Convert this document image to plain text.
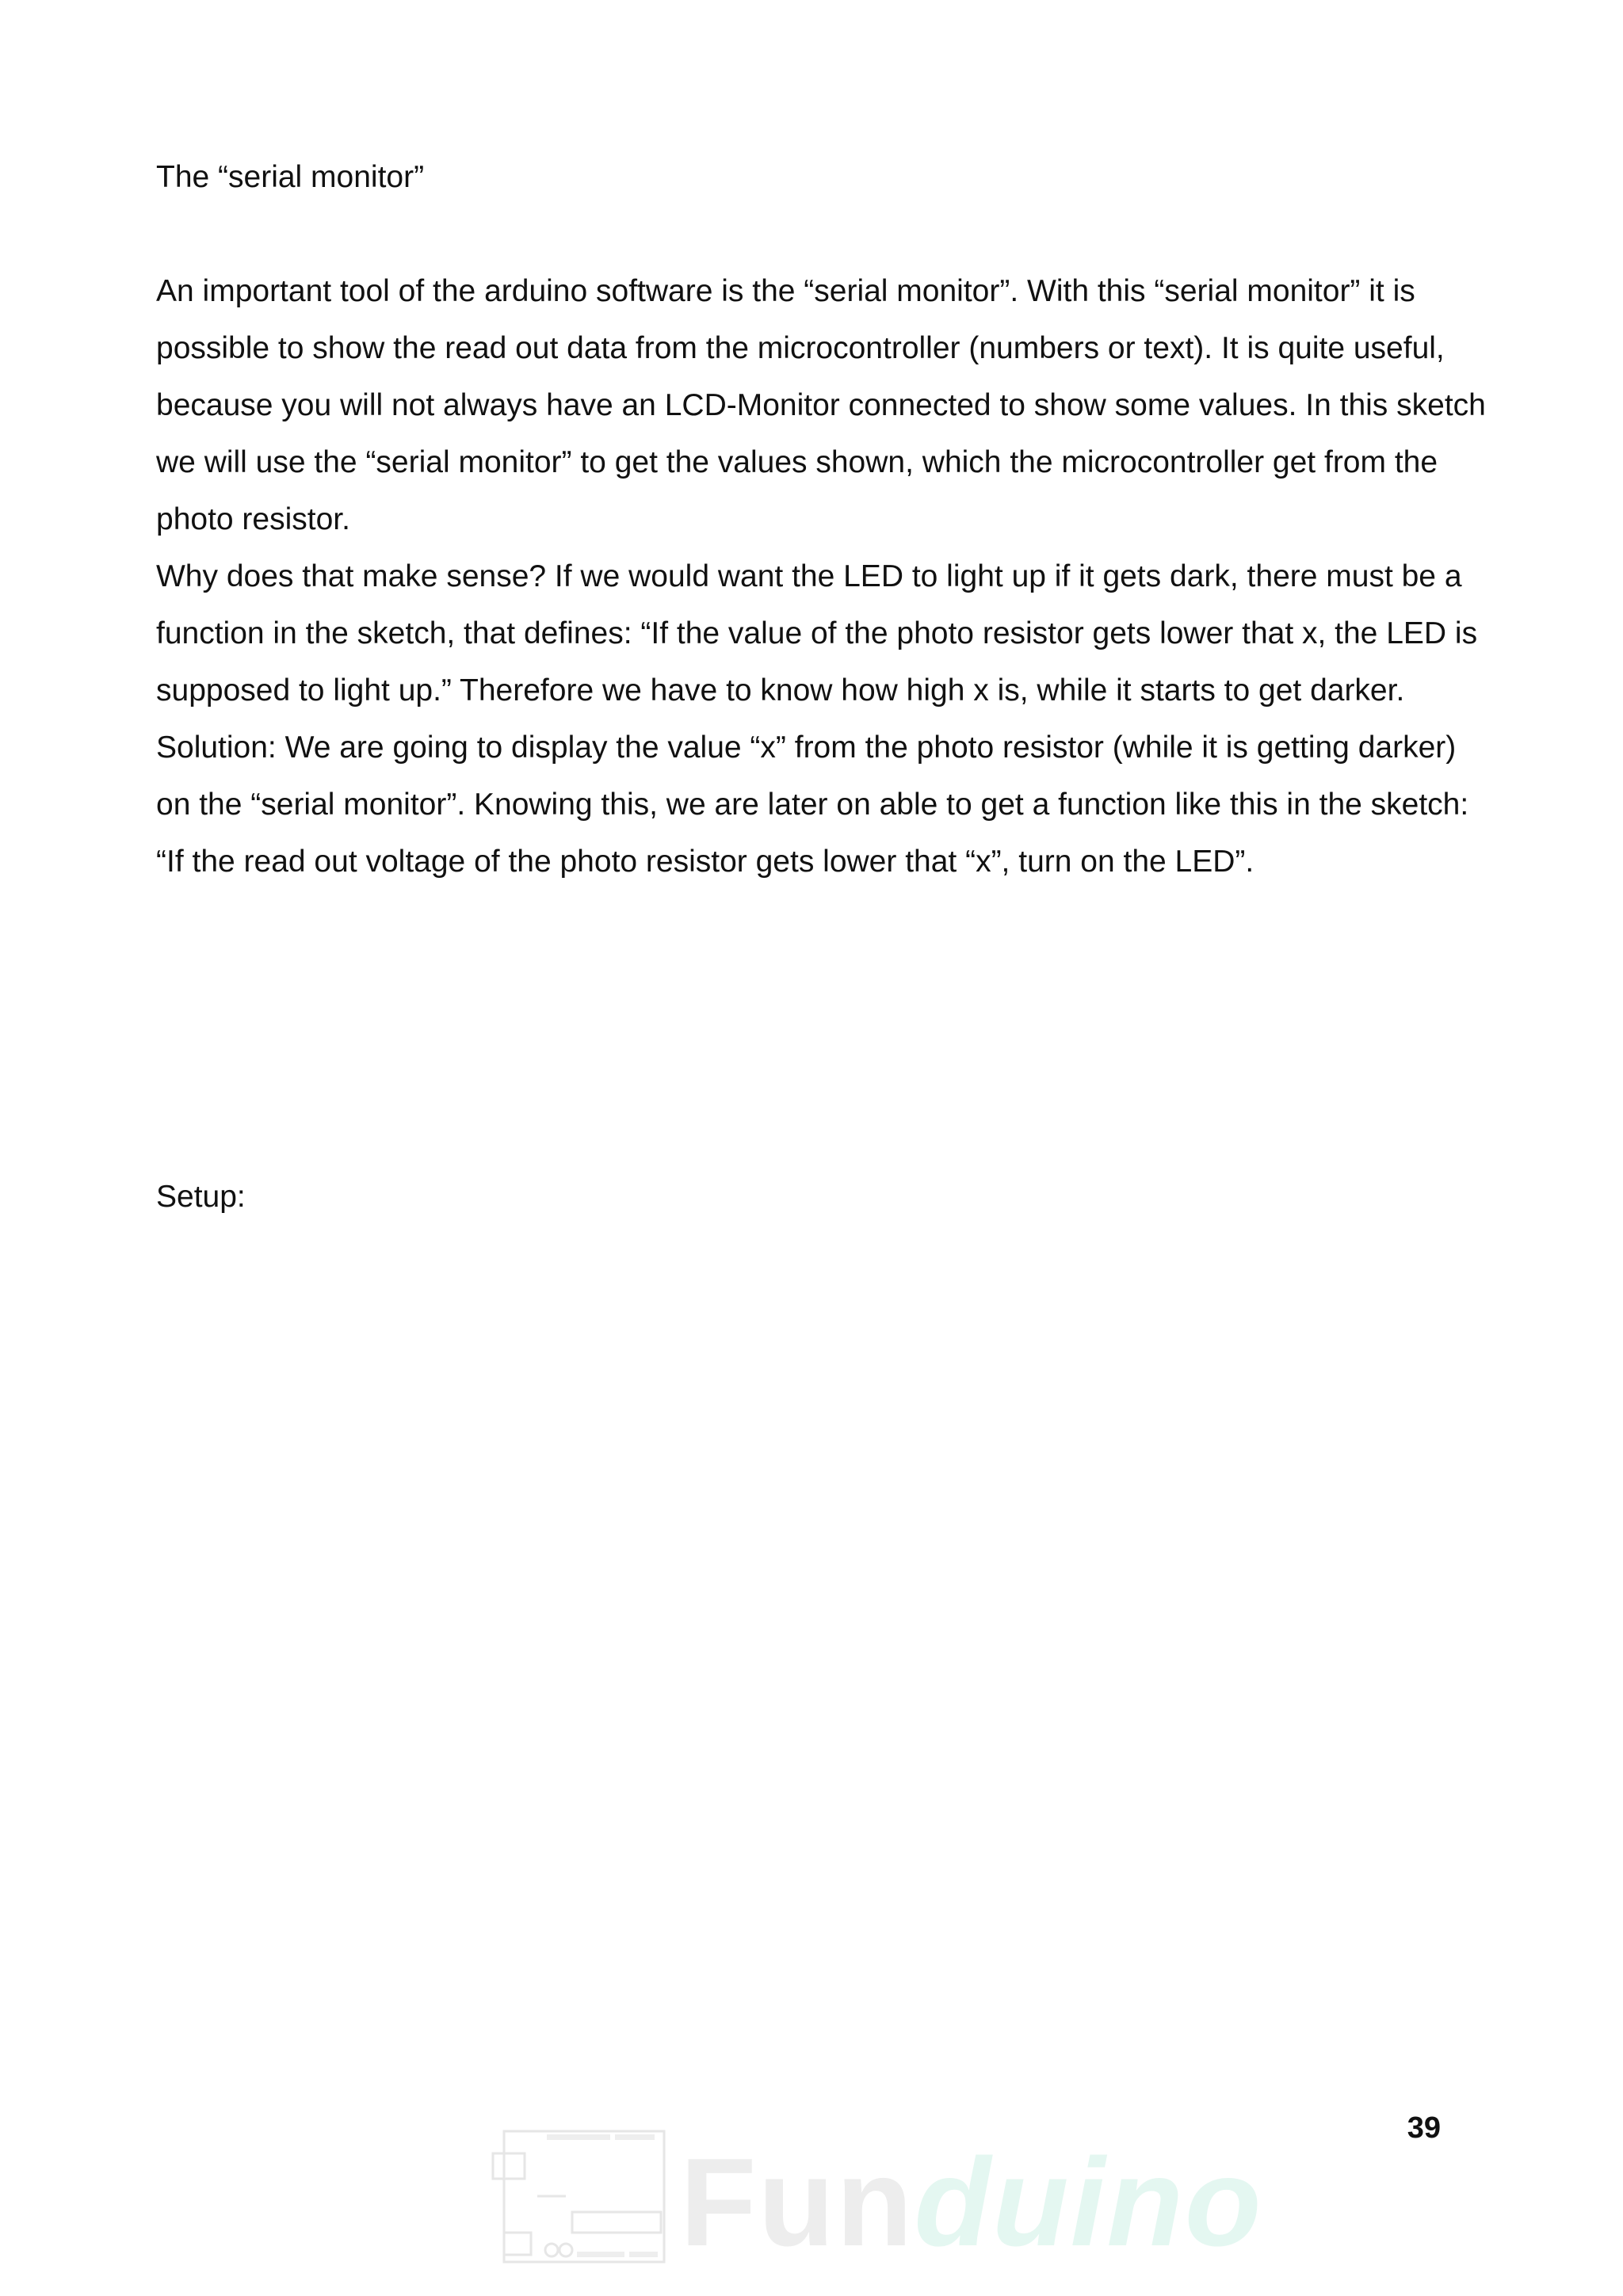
The “serial monitor”

An important tool of the arduino software is the “serial monitor”. With this “serial monitor” it is possible to show the read out data from the microcontroller (numbers or text). It is quite useful, because you will not always have an LCD-Monitor connected to show some values. In this sketch we will use the “serial monitor” to get the values shown, which the microcontroller get from the photo resistor.

Why does that make sense? If we would want the LED to light up if it gets dark, there must be a function in the sketch, that defines: “If the value of the photo resistor gets lower that x, the LED is supposed to light up.” Therefore we have to know how high x is, while it starts to get darker.

Solution: We are going to display the value “x” from the photo resistor (while it is getting darker) on the “serial monitor”. Knowing this, we are later on able to get a function like this in the sketch: “If the read out voltage of the photo resistor gets lower that “x”, turn on the LED”.

Setup:
39
Funduino
